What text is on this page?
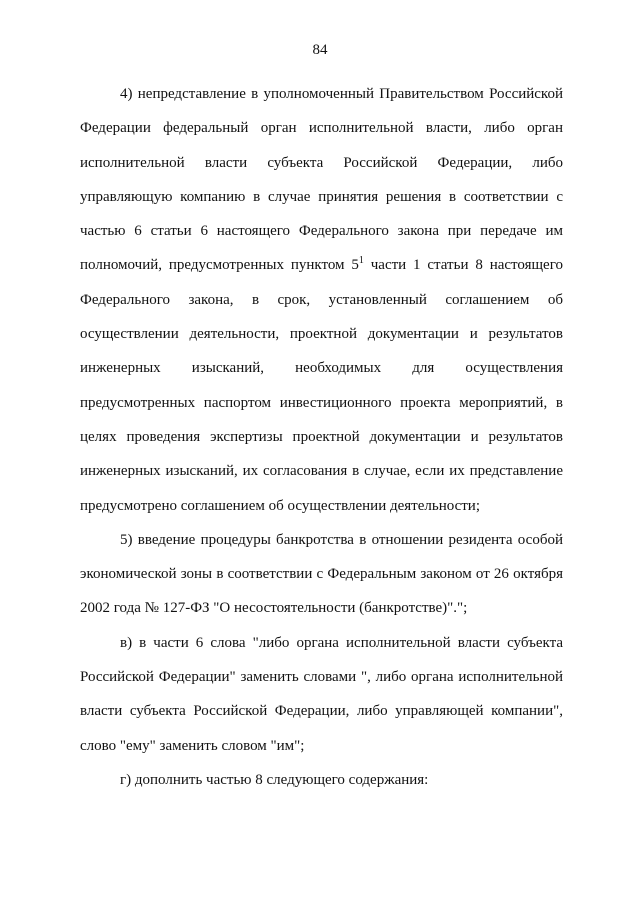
84

4) непредставление в уполномоченный Правительством Российской Федерации федеральный орган исполнительной власти, либо орган исполнительной власти субъекта Российской Федерации, либо управляющую компанию в случае принятия решения в соответствии с частью 6 статьи 6 настоящего Федерального закона при передаче им полномочий, предусмотренных пунктом $5^1$ части 1 статьи 8 настоящего Федерального закона, в срок, установленный соглашением об осуществлении деятельности, проектной документации и результатов инженерных изысканий, необходимых для осуществления предусмотренных паспортом инвестиционного проекта мероприятий, в целях проведения экспертизы проектной документации и результатов инженерных изысканий, их согласования в случае, если их представление предусмотрено соглашением об осуществлении деятельности;

5) введение процедуры банкротства в отношении резидента особой экономической зоны в соответствии с Федеральным законом от 26 октября 2002 года № 127-ФЗ "О несостоятельности (банкротстве)".";

в) в части 6 слова "либо органа исполнительной власти субъекта Российской Федерации" заменить словами ", либо органа исполнительной власти субъекта Российской Федерации, либо управляющей компании", слово "ему" заменить словом "им";

г) дополнить частью 8 следующего содержания:
